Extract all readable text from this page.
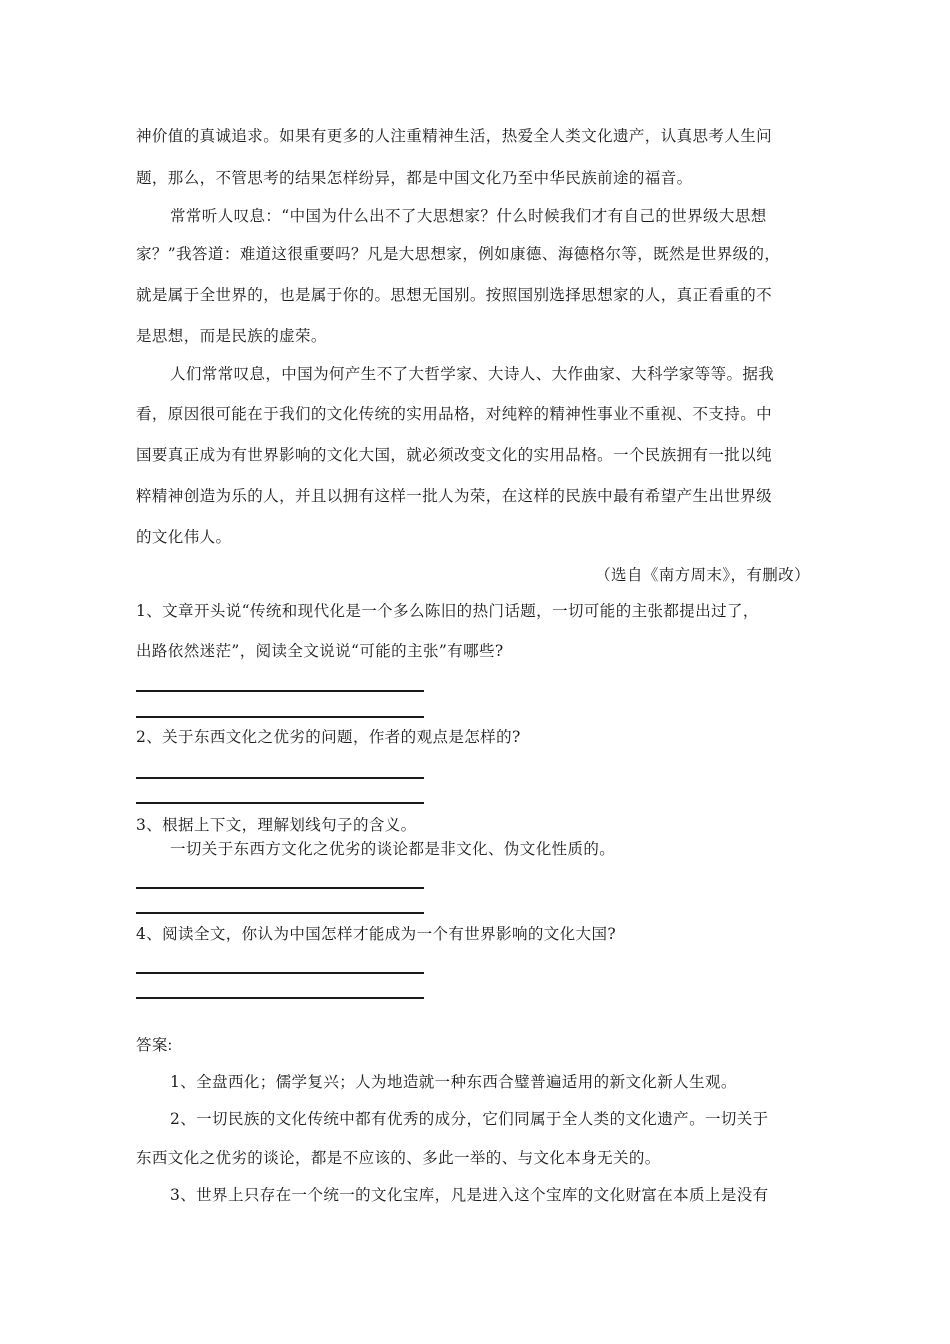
神价值的真诚追求。如果有更多的人注重精神生活，热爱全人类文化遗产，认真思考人生问
题，那么，不管思考的结果怎样纷异，都是中国文化乃至中华民族前途的福音。
常常听人叹息：“中国为什么出不了大思想家？什么时候我们才有自己的世界级大思想
家？”我答道：难道这很重要吗？凡是大思想家，例如康德、海德格尔等，既然是世界级的，
就是属于全世界的，也是属于你的。思想无国别。按照国别选择思想家的人，真正看重的不
是思想，而是民族的虚荣。
人们常常叹息，中国为何产生不了大哲学家、大诗人、大作曲家、大科学家等等。据我
看，原因很可能在于我们的文化传统的实用品格，对纯粹的精神性事业不重视、不支持。中
国要真正成为有世界影响的文化大国，就必须改变文化的实用品格。一个民族拥有一批以纯
粹精神创造为乐的人，并且以拥有这样一批人为荣，在这样的民族中最有希望产生出世界级
的文化伟人。
（选自《南方周末》，有删改）
1、文章开头说“传统和现代化是一个多么陈旧的热门话题，一切可能的主张都提出过了，
出路依然迷茫”，阅读全文说说“可能的主张”有哪些?
2、关于东西文化之优劣的问题，作者的观点是怎样的?
3、根据上下文，理解划线句子的含义。
一切关于东西方文化之优劣的谈论都是非文化、伪文化性质的。
4、阅读全文，你认为中国怎样才能成为一个有世界影响的文化大国?
答案:
1、全盘西化；儒学复兴；人为地造就一种东西合璧普遍适用的新文化新人生观。
2、一切民族的文化传统中都有优秀的成分，它们同属于全人类的文化遗产。一切关于
东西文化之优劣的谈论，都是不应该的、多此一举的、与文化本身无关的。
3、世界上只存在一个统一的文化宝库，凡是进入这个宝库的文化财富在本质上是没有
